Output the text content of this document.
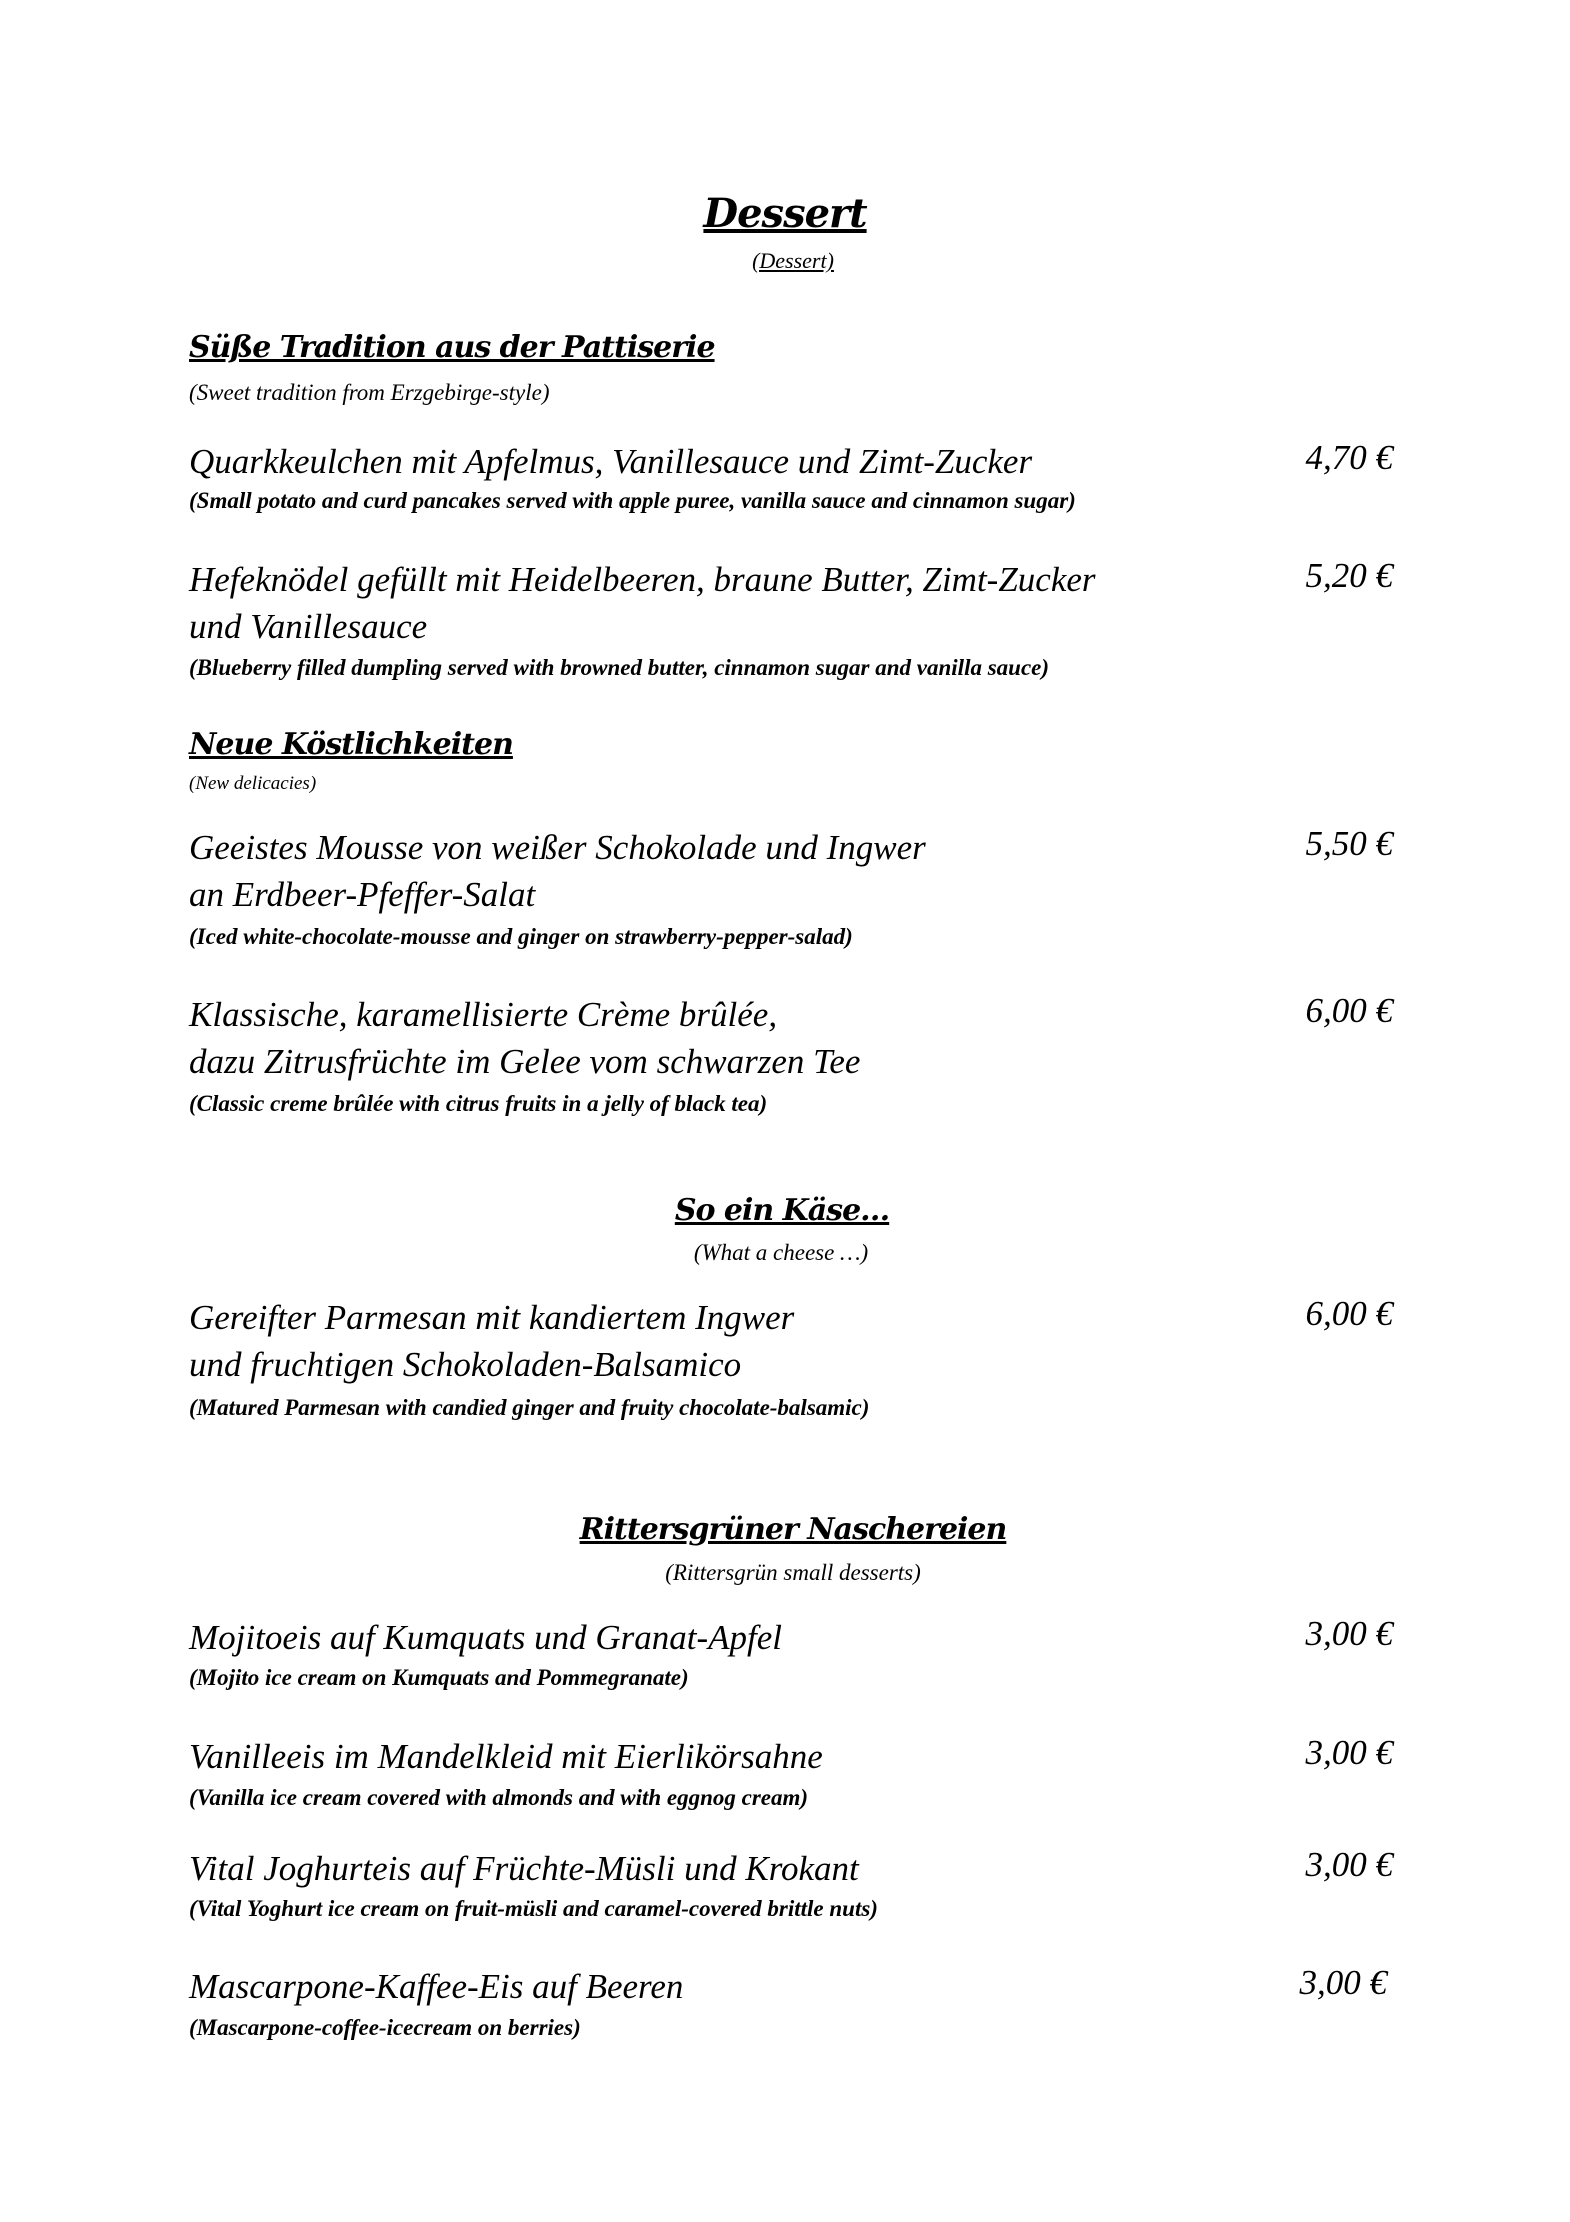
Dessert
(Dessert)
Süße Tradition aus der Pattiserie
(Sweet tradition from Erzgebirge-style)
Quarkkeulchen mit Apfelmus, Vanillesauce und Zimt-Zucker	4,70 €
(Small potato and curd pancakes served with apple puree, vanilla sauce and cinnamon sugar)
Hefeknödel gefüllt mit Heidelbeeren, braune Butter, Zimt-Zucker
und Vanillesauce
5,20 €
(Blueberry filled dumpling served with browned butter, cinnamon sugar and vanilla sauce)
Neue Köstlichkeiten
(New delicacies)
Geeistes Mousse von weißer Schokolade und Ingwer
an Erdbeer-Pfeffer-Salat
5,50 €
(Iced white-chocolate-mousse and ginger on strawberry-pepper-salad)
Klassische, karamellisierte Crème brûlée,
dazu Zitrusfrüchte im Gelee vom schwarzen Tee
6,00 €
(Classic creme brûlée with citrus fruits in a jelly of black tea)
So ein Käse…
(What a cheese …)
Gereifter Parmesan mit kandiertem Ingwer
und fruchtigen Schokoladen-Balsamico
6,00 €
(Matured Parmesan with candied ginger and fruity chocolate-balsamic)
Rittersgrüner Naschereien
(Rittersgrün small desserts)
Mojitoeis auf Kumquats und Granat-Apfel	3,00 €
(Mojito ice cream on Kumquats and Pommegranate)
Vanilleeis im Mandelkleid mit Eierlikörsahne	3,00 €
(Vanilla ice cream covered with almonds and with eggnog cream)
Vital Joghurteis auf Früchte-Müsli und Krokant	3,00 €
(Vital Yoghurt ice cream on fruit-müsli and caramel-covered brittle nuts)
Mascarpone-Kaffee-Eis auf Beeren	3,00 €
(Mascarpone-coffee-icecream on berries)
